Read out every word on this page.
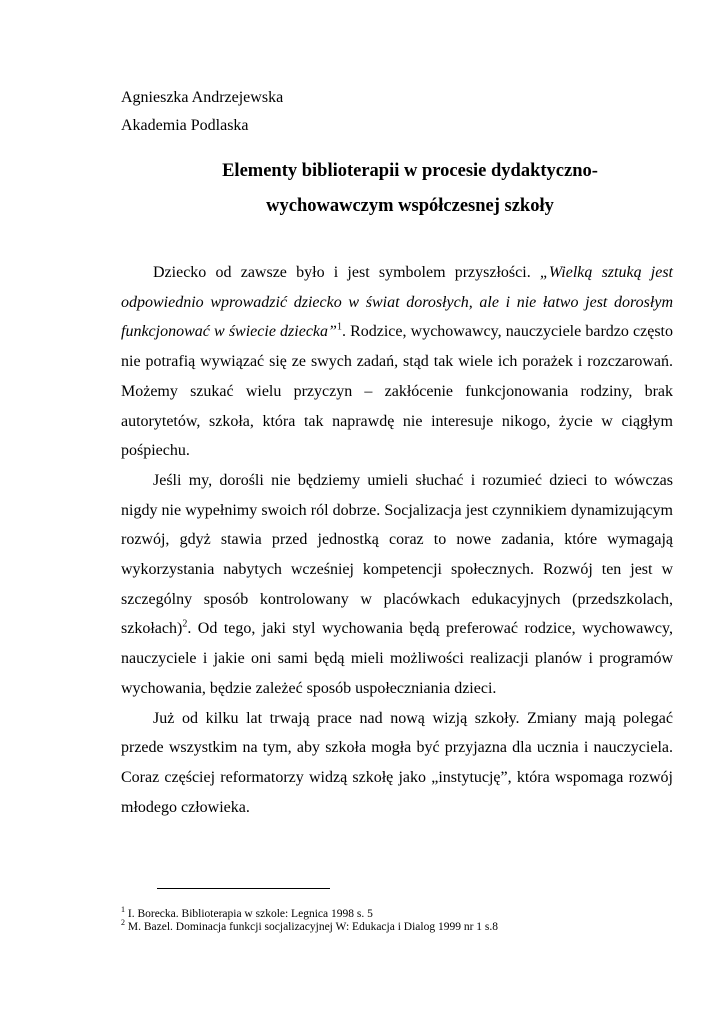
Agnieszka Andrzejewska
Akademia Podlaska
Elementy biblioterapii w procesie dydaktyczno-
wychowawczym współczesnej szkoły

Dziecko od zawsze było i jest symbolem przyszłości. „Wielką sztuką jest odpowiednio wprowadzić dziecko w świat dorosłych, ale i nie łatwo jest dorosłym funkcjonować w świecie dziecka”$^1$. Rodzice, wychowawcy, nauczyciele bardzo często nie potrafią wywiązać się ze swych zadań, stąd tak wiele ich porażek i rozczarowań. Możemy szukać wielu przyczyn – zakłócenie funkcjonowania rodziny, brak autorytetów, szkoła, która tak naprawdę nie interesuje nikogo, życie w ciągłym pośpiechu.

Jeśli my, dorośli nie będziemy umieli słuchać i rozumieć dzieci to wówczas nigdy nie wypełnimy swoich ról dobrze. Socjalizacja jest czynnikiem dynamizującym rozwój, gdyż stawia przed jednostką coraz to nowe zadania, które wymagają wykorzystania nabytych wcześniej kompetencji społecznych. Rozwój ten jest w szczególny sposób kontrolowany w placówkach edukacyjnych (przedszkolach, szkołach)$^2$. Od tego, jaki styl wychowania będą preferować rodzice, wychowawcy, nauczyciele i jakie oni sami będą mieli możliwości realizacji planów i programów wychowania, będzie zależeć sposób uspołeczniania dzieci.

Już od kilku lat trwają prace nad nową wizją szkoły. Zmiany mają polegać przede wszystkim na tym, aby szkoła mogła być przyjazna dla ucznia i nauczyciela. Coraz częściej reformatorzy widzą szkołę jako „instytucję”, która wspomaga rozwój młodego człowieka.

$^1$ I. Borecka. Biblioterapia w szkole: Legnica 1998 s. 5
$^2$ M. Bazel. Dominacja funkcji socjalizacyjnej W: Edukacja i Dialog 1999 nr 1 s.8
